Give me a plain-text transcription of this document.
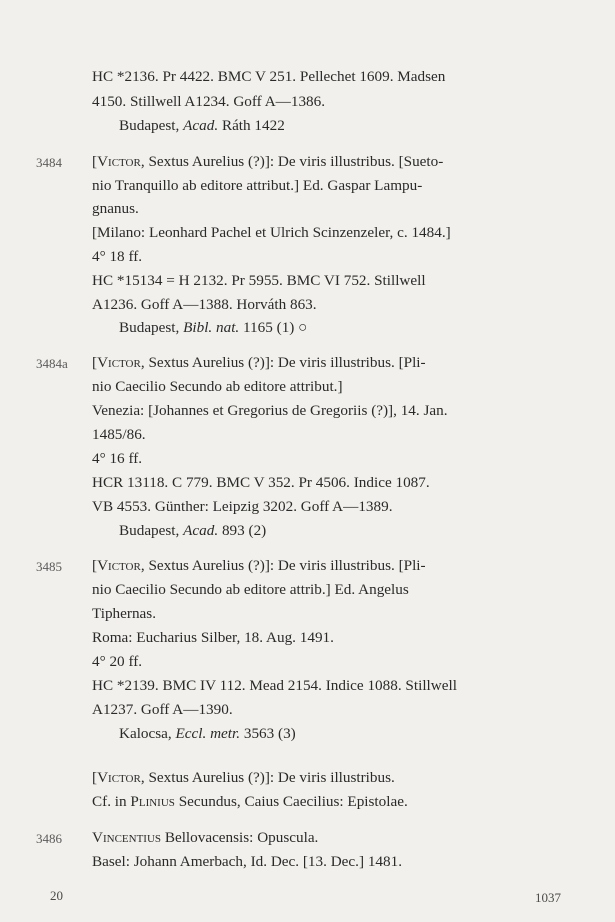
HC *2136. Pr 4422. BMC V 251. Pellechet 1609. Madsen
4150. Stillwell A1234. Goff A—1386.
Budapest, Acad. Ráth 1422
3484 [Victor, Sextus Aurelius (?)]: De viris illustribus. [Sueto-
nio Tranquillo ab editore attribut.] Ed. Gaspar Lampu-
gnanus.
[Milano: Leonhard Pachel et Ulrich Scinzenzeler, c. 1484.]
4° 18 ff.
HC *15134 = H 2132. Pr 5955. BMC VI 752. Stillwell
A1236. Goff A—1388. Horváth 863.
Budapest, Bibl. nat. 1165 (1) ○
3484a [Victor, Sextus Aurelius (?)]: De viris illustribus. [Pli-
nio Caecilio Secundo ab editore attribut.]
Venezia: [Johannes et Gregorius de Gregoriis (?)], 14. Jan.
1485/86.
4° 16 ff.
HCR 13118. C 779. BMC V 352. Pr 4506. Indice 1087.
VB 4553. Günther: Leipzig 3202. Goff A—1389.
Budapest, Acad. 893 (2)
3485 [Victor, Sextus Aurelius (?)]: De viris illustribus. [Pli-
nio Caecilio Secundo ab editore attrib.] Ed. Angelus
Tiphernas.
Roma: Eucharius Silber, 18. Aug. 1491.
4° 20 ff.
HC *2139. BMC IV 112. Mead 2154. Indice 1088. Stillwell
A1237. Goff A—1390.
Kalocsa, Eccl. metr. 3563 (3)
[Victor, Sextus Aurelius (?)]: De viris illustribus.
Cf. in Plinius Secundus, Caius Caecilius: Epistolae.
3486 Vincentius Bellovacensis: Opuscula.
Basel: Johann Amerbach, Id. Dec. [13. Dec.] 1481.
20	1037
